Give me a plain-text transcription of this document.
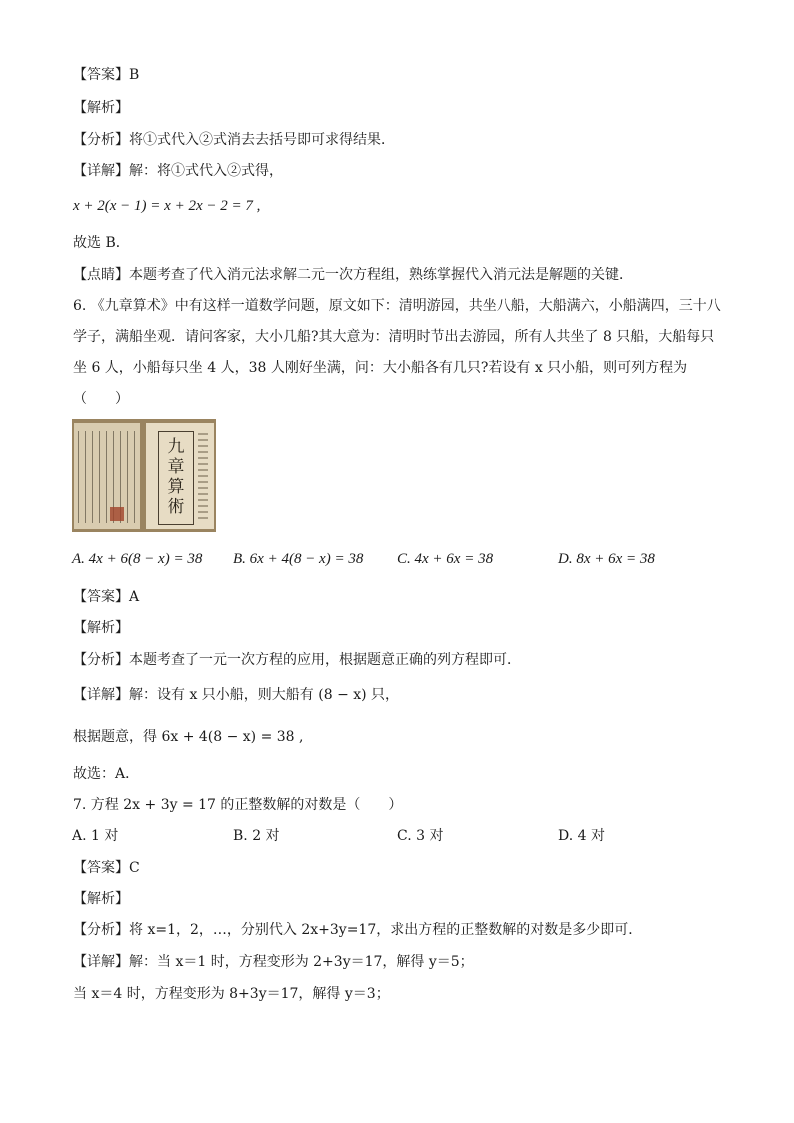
【答案】B
【解析】
【分析】将①式代入②式消去去括号即可求得结果．
【详解】解：将①式代入②式得，
x + 2(x − 1) = x + 2x − 2 = 7 ,
故选 B．
【点睛】本题考查了代入消元法求解二元一次方程组，熟练掌握代入消元法是解题的关键．
6. 《九章算术》中有这样一道数学问题，原文如下：清明游园，共坐八船，大船满六，小船满四，三十八
学子，满船坐观．请问客家，大小几船?其大意为：清明时节出去游园，所有人共坐了 8 只船，大船每只
坐 6 人，小船每只坐 4 人，38 人刚好坐满，问：大小船各有几只?若设有 x 只小船，则可列方程为
（　　）
九章算術
A. 4x + 6(8 − x) = 38 B. 6x + 4(8 − x) = 38 C. 4x + 6x = 38	D. 8x + 6x = 38
【答案】A
【解析】
【分析】本题考查了一元一次方程的应用，根据题意正确的列方程即可．
【详解】解：设有 x 只小船，则大船有 (8 − x) 只，
根据题意，得 6x + 4(8 − x) = 38 ,
故选：A．
7. 方程 2x + 3y = 17 的正整数解的对数是（　　）
A. 1 对	B. 2 对	C. 3 对	D. 4 对
【答案】C
【解析】
【分析】将 x=1，2，…，分别代入 2x+3y=17，求出方程的正整数解的对数是多少即可．
【详解】解：当 x＝1 时，方程变形为 2+3y＝17，解得 y＝5；
当 x＝4 时，方程变形为 8+3y＝17，解得 y＝3；
